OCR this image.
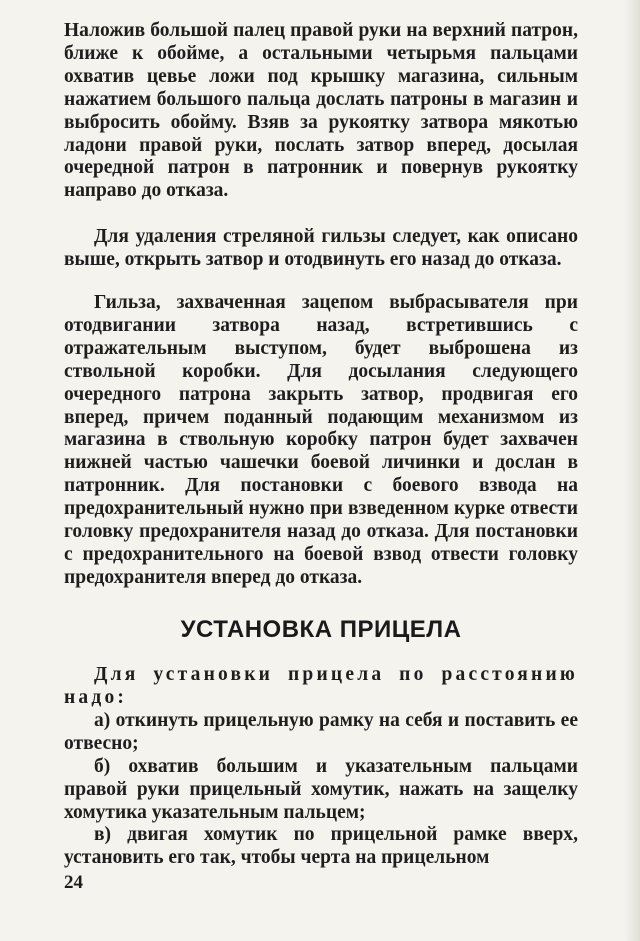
Наложив большой палец правой руки на верхний патрон, ближе к обойме, а остальными четырьмя пальцами охватив цевье ложи под крышку магазина, сильным нажатием большого пальца дослать патроны в магазин и выбросить обойму. Взяв за рукоятку затвора мякотью ладони правой руки, послать затвор вперед, досылая очередной патрон в патронник и повернув рукоятку направо до отказа.

Для удаления стреляной гильзы следует, как описано выше, открыть затвор и отодвинуть его назад до отказа.

Гильза, захваченная зацепом выбрасывателя при отодвигании затвора назад, встретившись с отражательным выступом, будет выброшена из ствольной коробки. Для досылания следующего очередного патрона закрыть затвор, продвигая его вперед, причем поданный подающим механизмом из магазина в ствольную коробку патрон будет захвачен нижней частью чашечки боевой личинки и дослан в патронник. Для постановки с боевого взвода на предохранительный нужно при взведенном курке отвести головку предохранителя назад до отказа. Для постановки с предохранительного на боевой взвод отвести головку предохранителя вперед до отказа.

УСТАНОВКА ПРИЦЕЛА

Для установки прицела по расстоянию надо:

а) откинуть прицельную рамку на себя и поставить ее отвесно;

б) охватив большим и указательным пальцами правой руки прицельный хомутик, нажать на защелку хомутика указательным пальцем;

в) двигая хомутик по прицельной рамке вверх, установить его так, чтобы черта на прицельном

24
